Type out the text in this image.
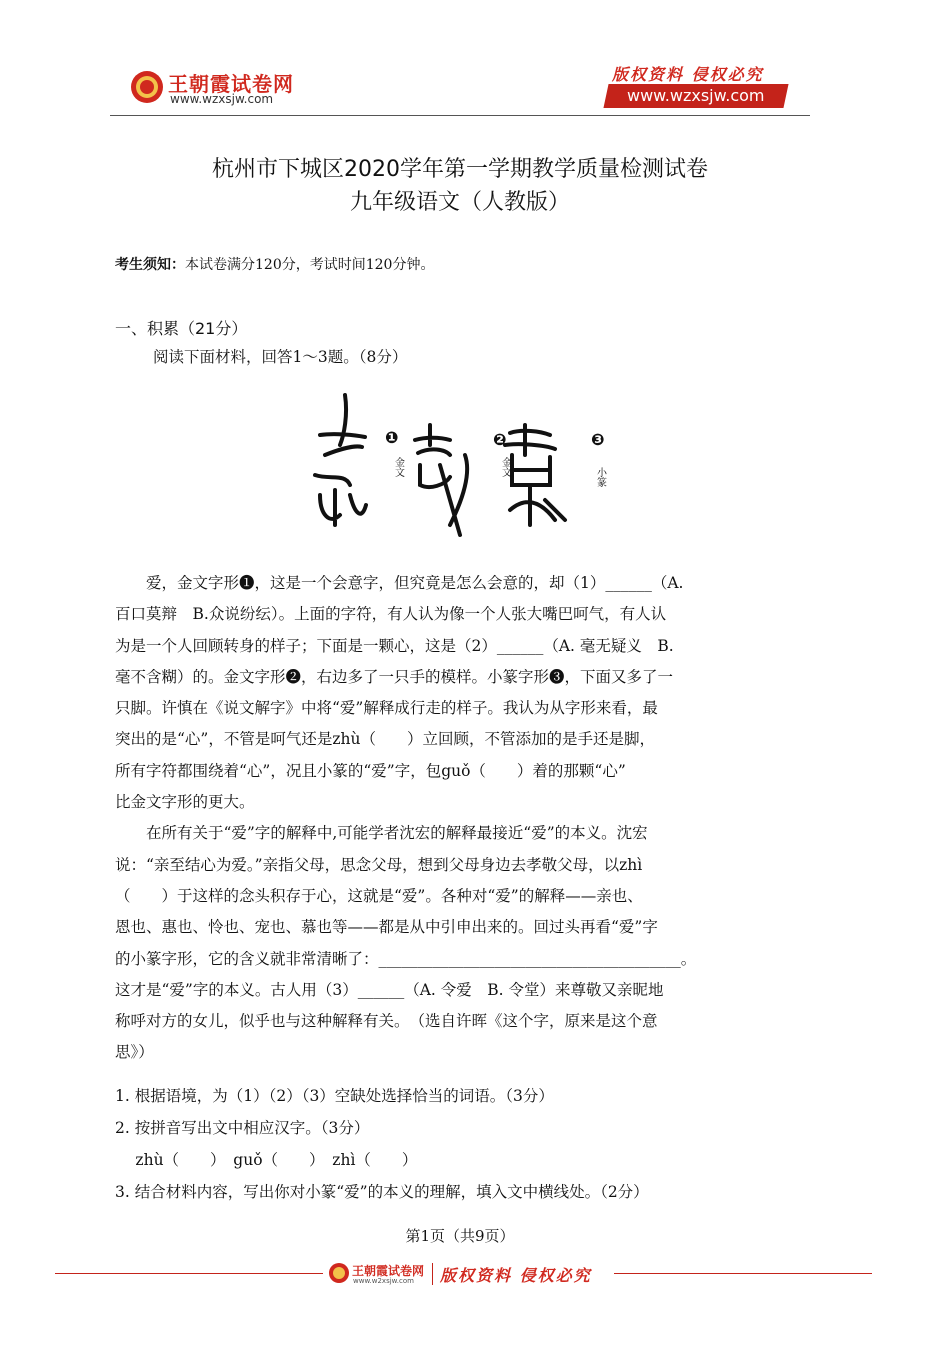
王朝霞试卷网
www.wzxsjw.com
版权资料 侵权必究
www.wzxsjw.com
杭州市下城区2020学年第一学期教学质量检测试卷
九年级语文（人教版）
考生须知：本试卷满分120分，考试时间120分钟。
一、积累（21分）
阅读下面材料，回答1～3题。（8分）
❶	❷	❸
金文	金文	小篆
　　爱，金文字形❶，这是一个会意字，但究竟是怎么会意的，却（1）______（A.
百口莫辩　B.众说纷纭）。上面的字符，有人认为像一个人张大嘴巴呵气，有人认
为是一个人回顾转身的样子；下面是一颗心，这是（2）______（A. 毫无疑义　B.
毫不含糊）的。金文字形❷，右边多了一只手的模样。小篆字形❸，下面又多了一
只脚。许慎在《说文解字》中将“爱”解释成行走的样子。我认为从字形来看，最
突出的是“心”，不管是呵气还是zhù（　　）立回顾，不管添加的是手还是脚，
所有字符都围绕着“心”，况且小篆的“爱”字，包guǒ（　　）着的那颗“心”
比金文字形的更大。
　　在所有关于“爱”字的解释中,可能学者沈宏的解释最接近“爱”的本义。沈宏
说：“亲至结心为爱。”亲指父母，思念父母，想到父母身边去孝敬父母，以zhì
（　　）于这样的念头积存于心，这就是“爱”。各种对“爱”的解释——亲也、
恩也、惠也、怜也、宠也、慕也等——都是从中引申出来的。回过头再看“爱”字
的小篆字形，它的含义就非常清晰了：_______________________________________。
这才是“爱”字的本义。古人用（3）______（A. 令爱　B. 令堂）来尊敬又亲昵地
称呼对方的女儿，似乎也与这种解释有关。　（选自许晖《这个字，原来是这个意
思》）
1. 根据语境，为（1）（2）（3）空缺处选择恰当的词语。（3分）
2. 按拼音写出文中相应汉字。（3分）
　 zhù（　　）　guǒ（　　）　zhì（　　）
3. 结合材料内容，写出你对小篆“爱”的本义的理解，填入文中横线处。（2分）
第1页（共9页）
王朝霞试卷网
www.w2xsjw.com 版权资料 侵权必究
